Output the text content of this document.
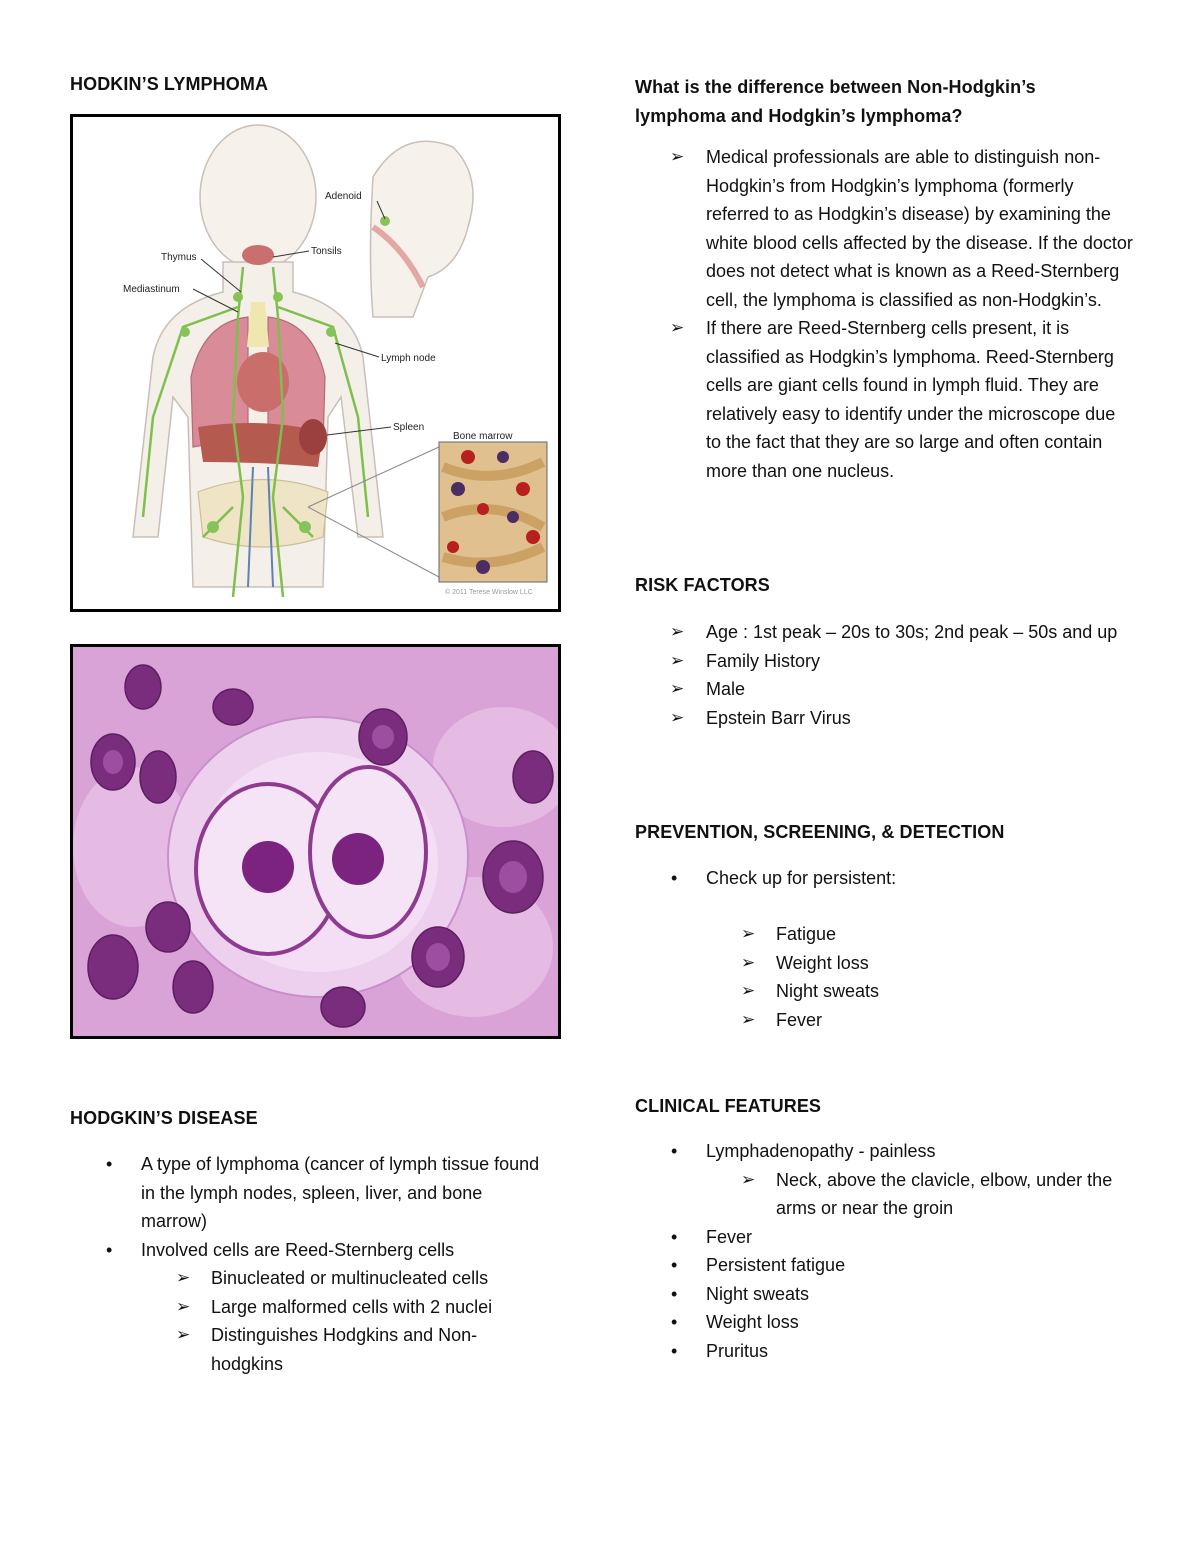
HODKIN’S LYMPHOMA
Adenoid
Tonsils
Thymus
Mediastinum
Lymph node
Spleen
Bone marrow
© 2011 Terese Winslow LLC
HODGKIN’S DISEASE
• A type of lymphoma (cancer of lymph tissue found in the lymph nodes, spleen, liver, and bone marrow)
• Involved cells are Reed-Sternberg cells
➢ Binucleated or multinucleated cells
➢ Large malformed cells with 2 nuclei
➢ Distinguishes Hodgkins and Non-hodgkins
What is the difference between Non-Hodgkin’s lymphoma and Hodgkin’s lymphoma?
➢ Medical professionals are able to distinguish non-Hodgkin’s from Hodgkin’s lymphoma (formerly referred to as Hodgkin’s disease) by examining the white blood cells affected by the disease. If the doctor does not detect what is known as a Reed-Sternberg cell, the lymphoma is classified as non-Hodgkin’s.
➢ If there are Reed-Sternberg cells present, it is classified as Hodgkin’s lymphoma. Reed-Sternberg cells are giant cells found in lymph fluid. They are relatively easy to identify under the microscope due to the fact that they are so large and often contain more than one nucleus.
RISK FACTORS
➢ Age : 1st peak – 20s to 30s; 2nd peak – 50s and up
➢ Family History
➢ Male
➢ Epstein Barr Virus
PREVENTION, SCREENING, & DETECTION
• Check up for persistent:
➢ Fatigue
➢ Weight loss
➢ Night sweats
➢ Fever
CLINICAL FEATURES
• Lymphadenopathy - painless
➢ Neck, above the clavicle, elbow, under the arms or near the groin
• Fever
• Persistent fatigue
• Night sweats
• Weight loss
• Pruritus
